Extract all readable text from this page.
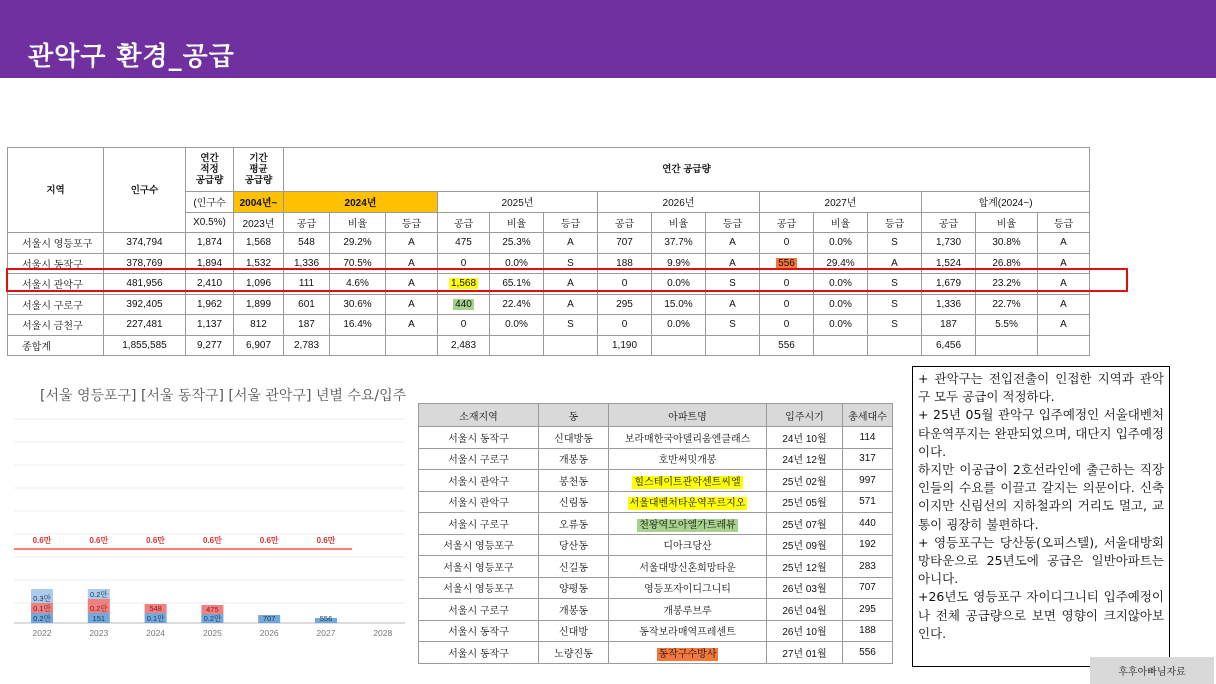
관악구 환경_공급
지역	인구수	연간
적정
공급량	기간
평균
공급량	연간 공급량														
		(인구수	2004년~	2024년			2025년			2026년			2027년			합계(2024~)		
		X0.5%)	2023년	공급	비율	등급	공급	비율	등급	공급	비율	등급	공급	비율	등급	공급	비율	등급
서울시 영등포구	374,794	1,874	1,568	548	29.2%	A	475	25.3%	A	707	37.7%	A	0	0.0%	S	1,730	30.8%	A
서울시 동작구	378,769	1,894	1,532	1,336	70.5%	A	0	0.0%	S	188	9.9%	A	556	29.4%	A	1,524	26.8%	A
서울시 관악구	481,956	2,410	1,096	111	4.6%	A	1,568	65.1%	A	0	0.0%	S	0	0.0%	S	1,679	23.2%	A
서울시 구로구	392,405	1,962	1,899	601	30.6%	A	440	22.4%	A	295	15.0%	A	0	0.0%	S	1,336	22.7%	A
서울시 금천구	227,481	1,137	812	187	16.4%	A	0	0.0%	S	0	0.0%	S	0	0.0%	S	187	5.5%	A
종합계	1,855,585	9,277	6,907	2,783			2,483			1,190			556			6,456		
[서울 영등포구] [서울 동작구] [서울 관악구] 년별 수요/입주
0.6만	0.6만	0.6만	0.6만	0.6만	0.6만
0.2만
0.1만
0.3만
2022
151
0.2만
0.2만
2023
0.1만
548
2024
0.2만
475
2025
707
2026
556
2027	2028
소재지역	동	아파트명	입주시기	총세대수
서울시 동작구	신대방동	보라매한국아델리움엔클래스	24년 10월	114
서울시 구로구	개봉동	호반써밋개봉	24년 12월	317
서울시 관악구	봉천동	힐스테이트관악센트씨엘	25년 02월	997
서울시 관악구	신림동	서울대벤처타운역푸르지오	25년 05월	571
서울시 구로구	오류동	천왕역모아엘가트레뷰	25년 07월	440
서울시 영등포구	당산동	디아크당산	25년 09월	192
서울시 영등포구	신길동	서울대방신혼희망타운	25년 12월	283
서울시 영등포구	양평동	영등포자이디그니티	26년 03월	707
서울시 구로구	개봉동	개봉루브루	26년 04월	295
서울시 동작구	신대방	동작보라매역프레센트	26년 10월	188
서울시 동작구	노량진동	동작구수방사	27년 01월	556

+ 관악구는 전입전출이 인접한 지역과 관악구 모두 공급이 적정하다.

+ 25년 05월 관악구 입주예정인 서울대벤처타운역푸지는 완판되었으며, 대단지 입주예정이다.

하지만 이공급이 2호선라인에 출근하는 직장인들의 수요를 이끌고 갈지는 의문이다. 신축이지만 신림선의 지하철과의 거리도 멀고, 교통이 굉장히 불편하다.

+ 영등포구는 당산동(오피스텔), 서울대방회망타운으로 25년도에 공급은 일반아파트는 아니다.

+26년도 영등포구 자이디그니티 입주예정이나 전체 공급량으로 보면 영향이 크지않아보인다.

후후아빠님자료
